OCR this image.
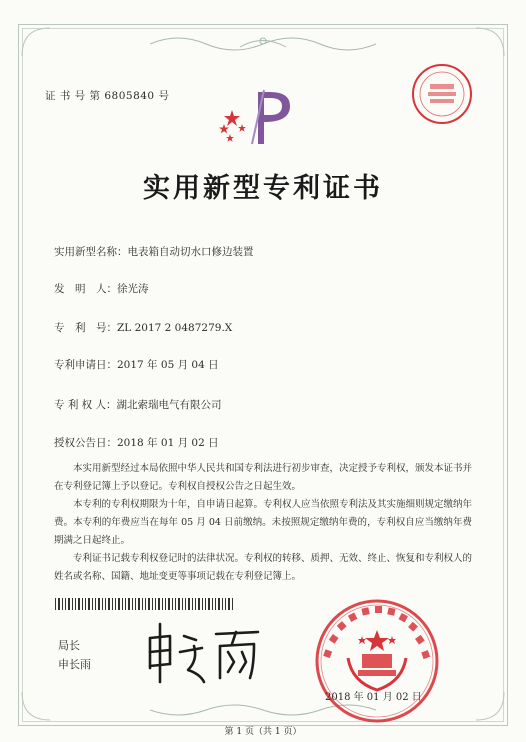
证 书 号 第 6805840 号
实用新型专利证书
实用新型名称：电表箱自动切水口修边装置
发　明　人：徐光涛
专　利　号：ZL 2017 2 0487279.X
专利申请日：2017 年 05 月 04 日
专 利 权 人：湖北索瑞电气有限公司
授权公告日：2018 年 01 月 02 日
本实用新型经过本局依照中华人民共和国专利法进行初步审查，决定授予专利权，颁发本证书并在专利登记簿上予以登记。专利权自授权公告之日起生效。
本专利的专利权期限为十年，自申请日起算。专利权人应当依照专利法及其实施细则规定缴纳年费。本专利的年费应当在每年 05 月 04 日前缴纳。未按照规定缴纳年费的，专利权自应当缴纳年费期满之日起终止。
专利证书记载专利权登记时的法律状况。专利权的转移、质押、无效、终止、恢复和专利权人的姓名或名称、国籍、地址变更等事项记载在专利登记簿上。
局长
申长雨
2018 年 01 月 02 日
第 1 页（共 1 页）
